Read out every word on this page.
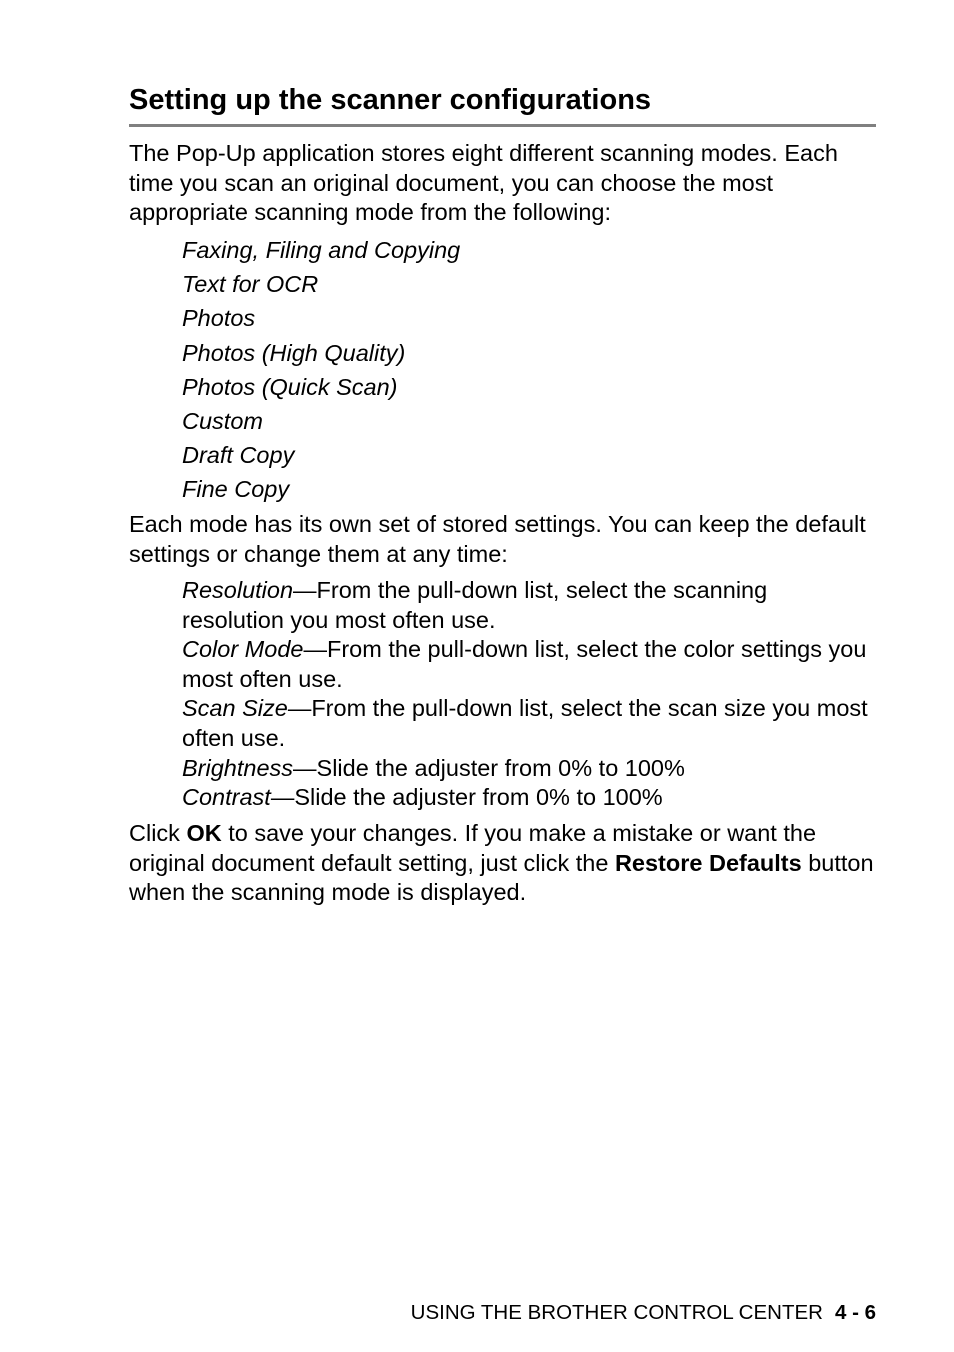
Setting up the scanner configurations

The Pop-Up application stores eight different scanning modes. Each time you scan an original document, you can choose the most appropriate scanning mode from the following:

Faxing, Filing and Copying
Text for OCR
Photos
Photos (High Quality)
Photos (Quick Scan)
Custom
Draft Copy
Fine Copy

Each mode has its own set of stored settings. You can keep the default settings or change them at any time:

Resolution—From the pull-down list, select the scanning resolution you most often use.
Color Mode—From the pull-down list, select the color settings you most often use.
Scan Size—From the pull-down list, select the scan size you most often use.
Brightness—Slide the adjuster from 0% to 100%
Contrast—Slide the adjuster from 0% to 100%

Click OK to save your changes. If you make a mistake or want the original document default setting, just click the Restore Defaults button when the scanning mode is displayed.

USING THE BROTHER CONTROL CENTER 4 - 6
